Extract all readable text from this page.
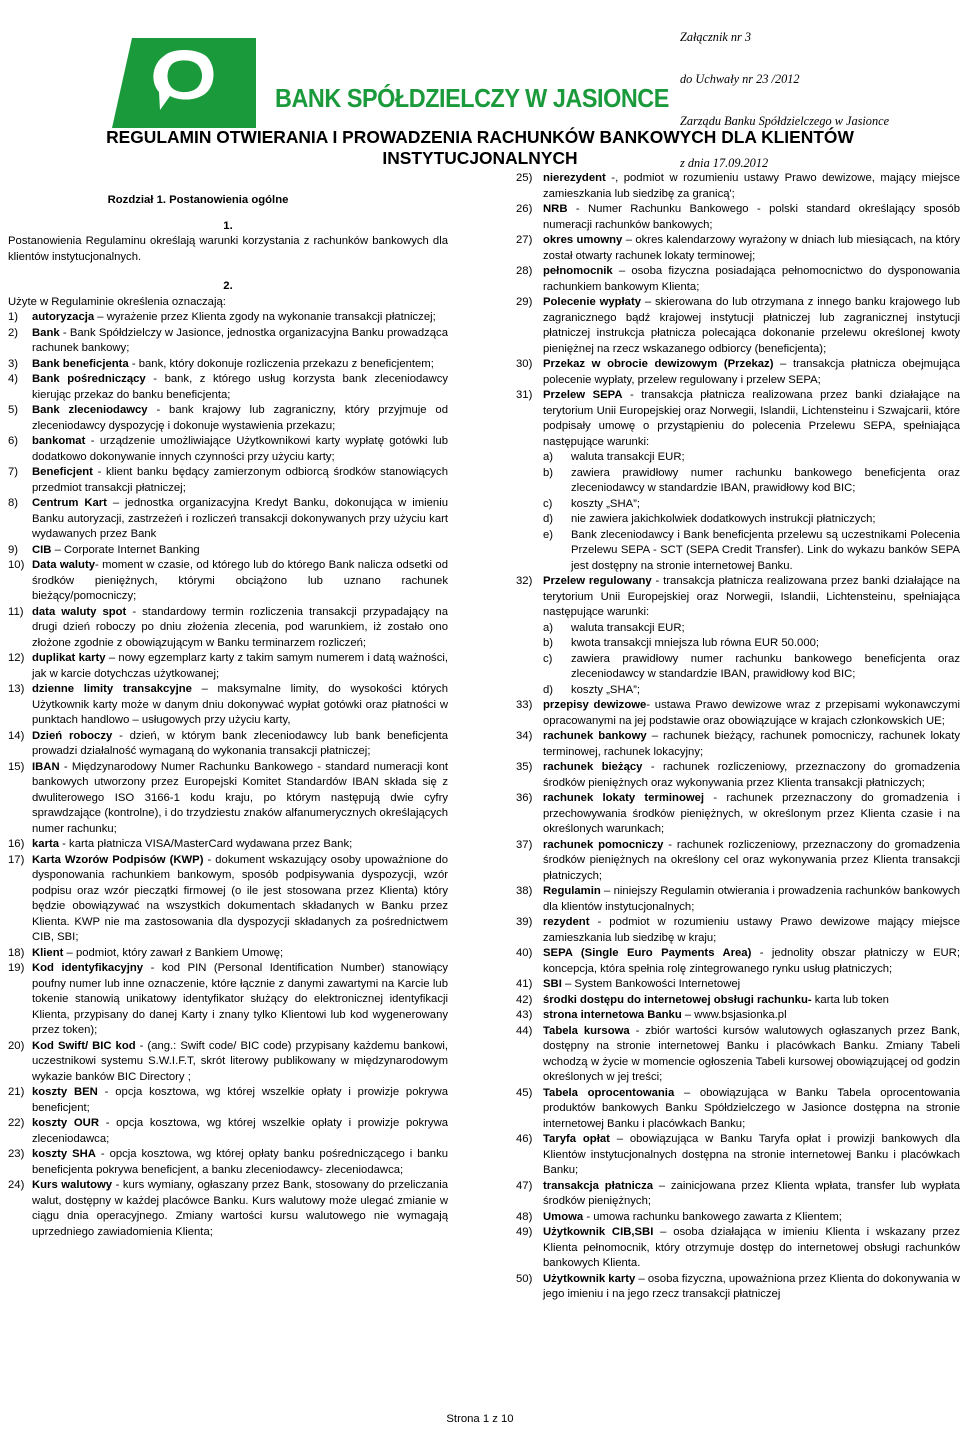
Załącznik nr 3

do Uchwały nr 23 /2012

Zarządu Banku Spółdzielczego w Jasionce

z dnia 17.09.2012

BANK SPÓŁDZIELCZY W JASIONCE
REGULAMIN OTWIERANIA I PROWADZENIA RACHUNKÓW BANKOWYCH DLA KLIENTÓW
INSTYTUCJONALNYCH
Rozdział 1. Postanowienia ogólne
1.
Postanowienia Regulaminu określają warunki korzystania z rachunków bankowych dla klientów instytucjonalnych.
2.
Użyte w Regulaminie określenia oznaczają:
1)	autoryzacja – wyrażenie przez Klienta zgody na wykonanie transakcji płatniczej;
2)	Bank - Bank Spółdzielczy w Jasionce, jednostka organizacyjna Banku prowadząca rachunek bankowy;
3)	Bank beneficjenta - bank, który dokonuje rozliczenia przekazu z beneficjentem;
4)	Bank pośredniczący - bank, z którego usług korzysta bank zleceniodawcy kierując przekaz do banku beneficjenta;
5)	Bank zleceniodawcy - bank krajowy lub zagraniczny, który przyjmuje od zleceniodawcy dyspozycję i dokonuje wystawienia przekazu;
6)	bankomat - urządzenie umożliwiające Użytkownikowi karty wypłatę gotówki lub dodatkowo dokonywanie innych czynności przy użyciu karty;
7)	Beneficjent - klient banku będący zamierzonym odbiorcą środków stanowiących przedmiot transakcji płatniczej;
8)	Centrum Kart – jednostka organizacyjna Kredyt Banku, dokonująca w imieniu Banku autoryzacji, zastrzeżeń i rozliczeń transakcji dokonywanych przy użyciu kart wydawanych przez Bank
9)	CIB – Corporate Internet Banking
10) Data waluty- moment w czasie, od którego lub do którego Bank nalicza odsetki od środków pieniężnych, którymi obciążono lub uznano rachunek bieżący/pomocniczy;
11) data waluty spot - standardowy termin rozliczenia transakcji przypadający na drugi dzień roboczy po dniu złożenia zlecenia, pod warunkiem, iż zostało ono złożone zgodnie z obowiązującym w Banku terminarzem rozliczeń;
12) duplikat karty – nowy egzemplarz karty z takim samym numerem i datą ważności, jak w karcie dotychczas użytkowanej;
13) dzienne limity transakcyjne – maksymalne limity, do wysokości których Użytkownik karty może w danym dniu dokonywać wypłat gotówki oraz płatności w punktach handlowo – usługowych przy użyciu karty,
14) Dzień roboczy - dzień, w którym bank zleceniodawcy lub bank beneficjenta prowadzi działalność wymaganą do wykonania transakcji płatniczej;
15) IBAN - Międzynarodowy Numer Rachunku Bankowego - standard numeracji kont bankowych utworzony przez Europejski Komitet Standardów IBAN składa się z dwuliterowego ISO 3166-1 kodu kraju, po którym następują dwie cyfry sprawdzające (kontrolne), i do trzydziestu znaków alfanumerycznych określających numer rachunku;
16) karta - karta płatnicza VISA/MasterCard wydawana przez Bank;
17) Karta Wzorów Podpisów (KWP) - dokument wskazujący osoby upoważnione do dysponowania rachunkiem bankowym, sposób podpisywania dyspozycji, wzór podpisu oraz wzór pieczątki firmowej (o ile jest stosowana przez Klienta) który będzie obowiązywać na wszystkich dokumentach składanych w Banku przez Klienta. KWP nie ma zastosowania dla dyspozycji składanych za pośrednictwem CIB, SBI;
18) Klient – podmiot, który zawarł z Bankiem Umowę;
19) Kod identyfikacyjny - kod PIN (Personal Identification Number) stanowiący poufny numer lub inne oznaczenie, które łącznie z danymi zawartymi na Karcie lub tokenie stanowią unikatowy identyfikator służący do elektronicznej identyfikacji Klienta, przypisany do danej Karty i znany tylko Klientowi lub kod wygenerowany przez token);
20) Kod Swift/ BIC kod - (ang.: Swift code/ BIC code) przypisany każdemu bankowi, uczestnikowi systemu S.W.I.F.T, skrót literowy publikowany w międzynarodowym wykazie banków BIC Directory ;
21) koszty BEN - opcja kosztowa, wg której wszelkie opłaty i prowizje pokrywa beneficjent;
22) koszty OUR - opcja kosztowa, wg której wszelkie opłaty i prowizje pokrywa zleceniodawca;
23) koszty SHA - opcja kosztowa, wg której opłaty banku pośredniczącego i banku beneficjenta pokrywa beneficjent, a banku zleceniodawcy- zleceniodawca;
24) Kurs walutowy - kurs wymiany, ogłaszany przez Bank, stosowany do przeliczania walut, dostępny w każdej placówce Banku. Kurs walutowy może ulegać zmianie w ciągu dnia operacyjnego. Zmiany wartości kursu walutowego nie wymagają uprzedniego zawiadomienia Klienta;
25) nierezydent -, podmiot w rozumieniu ustawy Prawo dewizowe, mający miejsce zamieszkania lub siedzibę za granicą';
26) NRB - Numer Rachunku Bankowego - polski standard określający sposób numeracji rachunków bankowych;
27) okres umowny – okres kalendarzowy wyrażony w dniach lub miesiącach, na który został otwarty rachunek lokaty terminowej;
28) pełnomocnik – osoba fizyczna posiadająca pełnomocnictwo do dysponowania rachunkiem bankowym Klienta;
29) Polecenie wypłaty – skierowana do lub otrzymana z innego banku krajowego lub zagranicznego bądź krajowej instytucji płatniczej lub zagranicznej instytucji płatniczej instrukcja płatnicza polecająca dokonanie przelewu określonej kwoty pieniężnej na rzecz wskazanego odbiorcy (beneficjenta);
30) Przekaz w obrocie dewizowym (Przekaz) – transakcja płatnicza obejmująca polecenie wypłaty, przelew regulowany i przelew SEPA;
31) Przelew SEPA - transakcja płatnicza realizowana przez banki działające na terytorium Unii Europejskiej oraz Norwegii, Islandii, Lichtensteinu i Szwajcarii, które podpisały umowę o przystąpieniu do polecenia Przelewu SEPA, spełniająca następujące warunki:
a)	waluta transakcji EUR;
b)	zawiera prawidłowy numer rachunku bankowego beneficjenta oraz zleceniodawcy w standardzie IBAN, prawidłowy kod BIC;
c)	koszty „SHA”;
d)	nie zawiera jakichkolwiek dodatkowych instrukcji płatniczych;
e)	Bank zleceniodawcy i Bank beneficjenta przelewu są uczestnikami Polecenia Przelewu SEPA - SCT (SEPA Credit Transfer). Link do wykazu banków SEPA jest dostępny na stronie internetowej Banku.
32) Przelew regulowany - transakcja płatnicza realizowana przez banki działające na terytorium Unii Europejskiej oraz Norwegii, Islandii, Lichtensteinu, spełniająca następujące warunki:
a)	waluta transakcji EUR;
b)	kwota transakcji mniejsza lub równa EUR 50.000;
c)	zawiera prawidłowy numer rachunku bankowego beneficjenta oraz zleceniodawcy w standardzie IBAN, prawidłowy kod BIC;
d)	koszty „SHA”;
33) przepisy dewizowe- ustawa Prawo dewizowe wraz z przepisami wykonawczymi opracowanymi na jej podstawie oraz obowiązujące w krajach członkowskich UE;
34) rachunek bankowy – rachunek bieżący, rachunek pomocniczy, rachunek lokaty terminowej, rachunek lokacyjny;
35) rachunek bieżący - rachunek rozliczeniowy, przeznaczony do gromadzenia środków pieniężnych oraz wykonywania przez Klienta transakcji płatniczych;
36) rachunek lokaty terminowej - rachunek przeznaczony do gromadzenia i przechowywania środków pieniężnych, w określonym przez Klienta czasie i na określonych warunkach;
37) rachunek pomocniczy - rachunek rozliczeniowy, przeznaczony do gromadzenia środków pieniężnych na określony cel oraz wykonywania przez Klienta transakcji płatniczych;
38) Regulamin – niniejszy Regulamin otwierania i prowadzenia rachunków bankowych dla klientów instytucjonalnych;
39) rezydent - podmiot w rozumieniu ustawy Prawo dewizowe mający miejsce zamieszkania lub siedzibę w kraju;
40) SEPA (Single Euro Payments Area) - jednolity obszar płatniczy w EUR; koncepcja, która spełnia rolę zintegrowanego rynku usług płatniczych;
41) SBI – System Bankowości Internetowej
42) środki dostępu do internetowej obsługi rachunku- karta lub token
43) strona internetowa Banku – www.bsjasionka.pl
44) Tabela kursowa - zbiór wartości kursów walutowych ogłaszanych przez Bank, dostępny na stronie internetowej Banku i placówkach Banku. Zmiany Tabeli wchodzą w życie w momencie ogłoszenia Tabeli kursowej obowiązującej od godzin określonych w jej treści;
45) Tabela oprocentowania – obowiązująca w Banku Tabela oprocentowania produktów bankowych Banku Spółdzielczego w Jasionce dostępna na stronie internetowej Banku i placówkach Banku;
46) Taryfa opłat – obowiązująca w Banku Taryfa opłat i prowizji bankowych dla Klientów instytucjonalnych dostępna na stronie internetowej Banku i placówkach Banku;
47) transakcja płatnicza – zainicjowana przez Klienta wpłata, transfer lub wypłata środków pieniężnych;
48) Umowa - umowa rachunku bankowego zawarta z Klientem;
49) Użytkownik CIB,SBI – osoba działająca w imieniu Klienta i wskazany przez Klienta pełnomocnik, który otrzymuje dostęp do internetowej obsługi rachunków bankowych Klienta.
50) Użytkownik karty – osoba fizyczna, upoważniona przez Klienta do dokonywania w jego imieniu i na jego rzecz transakcji płatniczej
Strona 1 z 10
